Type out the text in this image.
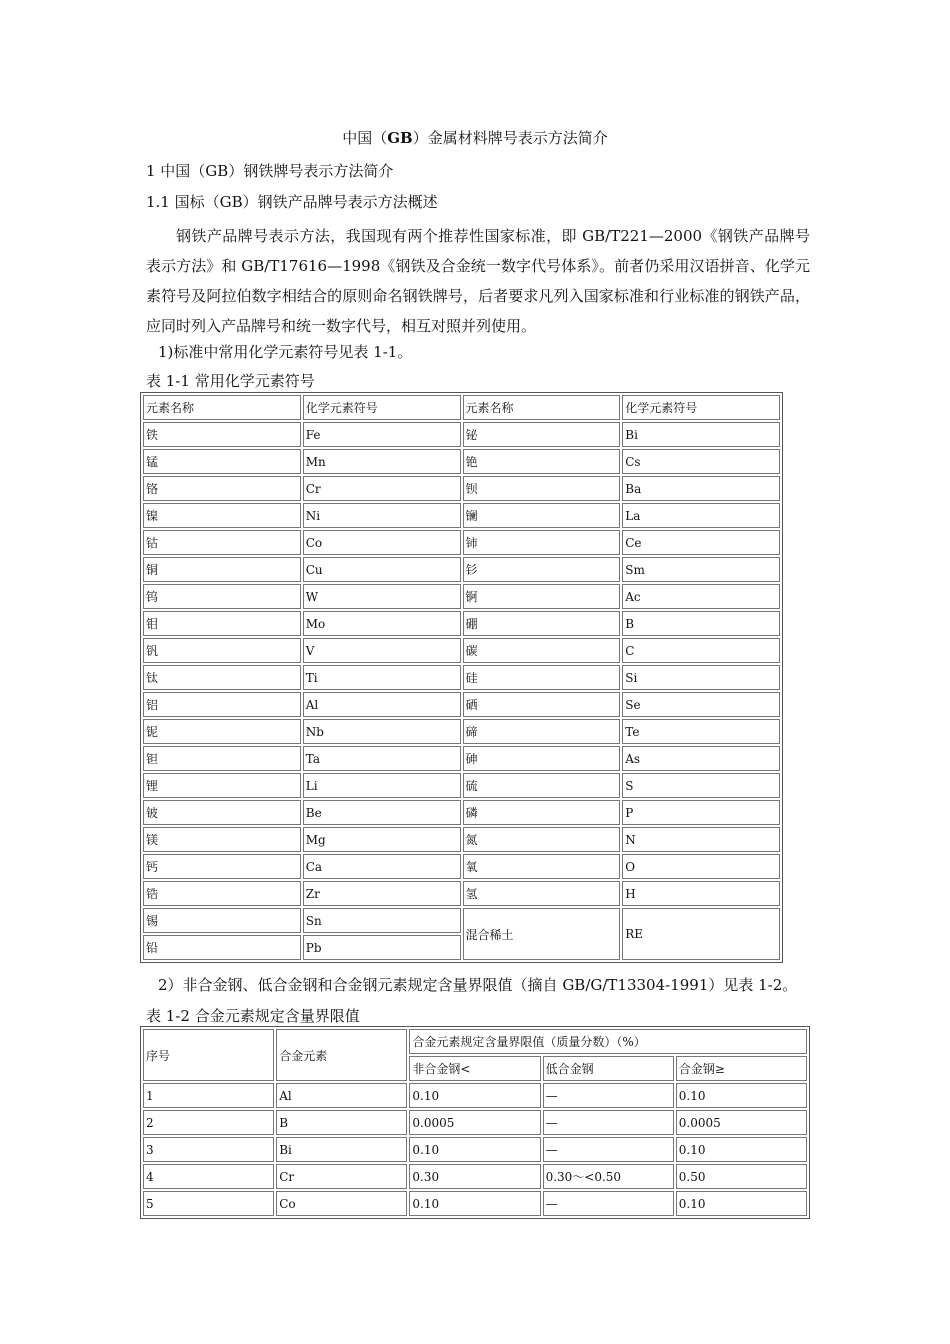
中国（GB）金属材料牌号表示方法简介
1 中国（GB）钢铁牌号表示方法简介
1.1 国标（GB）钢铁产品牌号表示方法概述
钢铁产品牌号表示方法，我国现有两个推荐性国家标准，即 GB/T221—2000《钢铁产品牌号表示方法》和 GB/T17616—1998《钢铁及合金统一数字代号体系》。前者仍采用汉语拼音、化学元素符号及阿拉伯数字相结合的原则命名钢铁牌号，后者要求凡列入国家标准和行业标准的钢铁产品，应同时列入产品牌号和统一数字代号，相互对照并列使用。
1)标准中常用化学元素符号见表 1-1。
表 1-1 常用化学元素符号
元素名称	化学元素符号	元素名称	化学元素符号
铁	Fe	铋	Bi
锰	Mn	铯	Cs
铬	Cr	钡	Ba
镍	Ni	镧	La
钴	Co	铈	Ce
铜	Cu	钐	Sm
钨	W	锕	Ac
钼	Mo	硼	B
钒	V	碳	C
钛	Ti	硅	Si
铝	Al	硒	Se
铌	Nb	碲	Te
钽	Ta	砷	As
锂	Li	硫	S
铍	Be	磷	P
镁	Mg	氮	N
钙	Ca	氧	O
锆	Zr	氢	H
锡	Sn	混合稀土	RE
铅	Pb		
2）非合金钢、低合金钢和合金钢元素规定含量界限值（摘自 GB/G/T13304-1991）见表 1-2。
表 1-2 合金元素规定含量界限值
序号	合金元素	合金元素规定含量界限值（质量分数）（%）		
		非合金钢<	低合金钢	合金钢≥
1	Al	0.10	—	0.10
2	B	0.0005	—	0.0005
3	Bi	0.10	—	0.10
4	Cr	0.30	0.30～<0.50	0.50
5	Co	0.10	—	0.10
